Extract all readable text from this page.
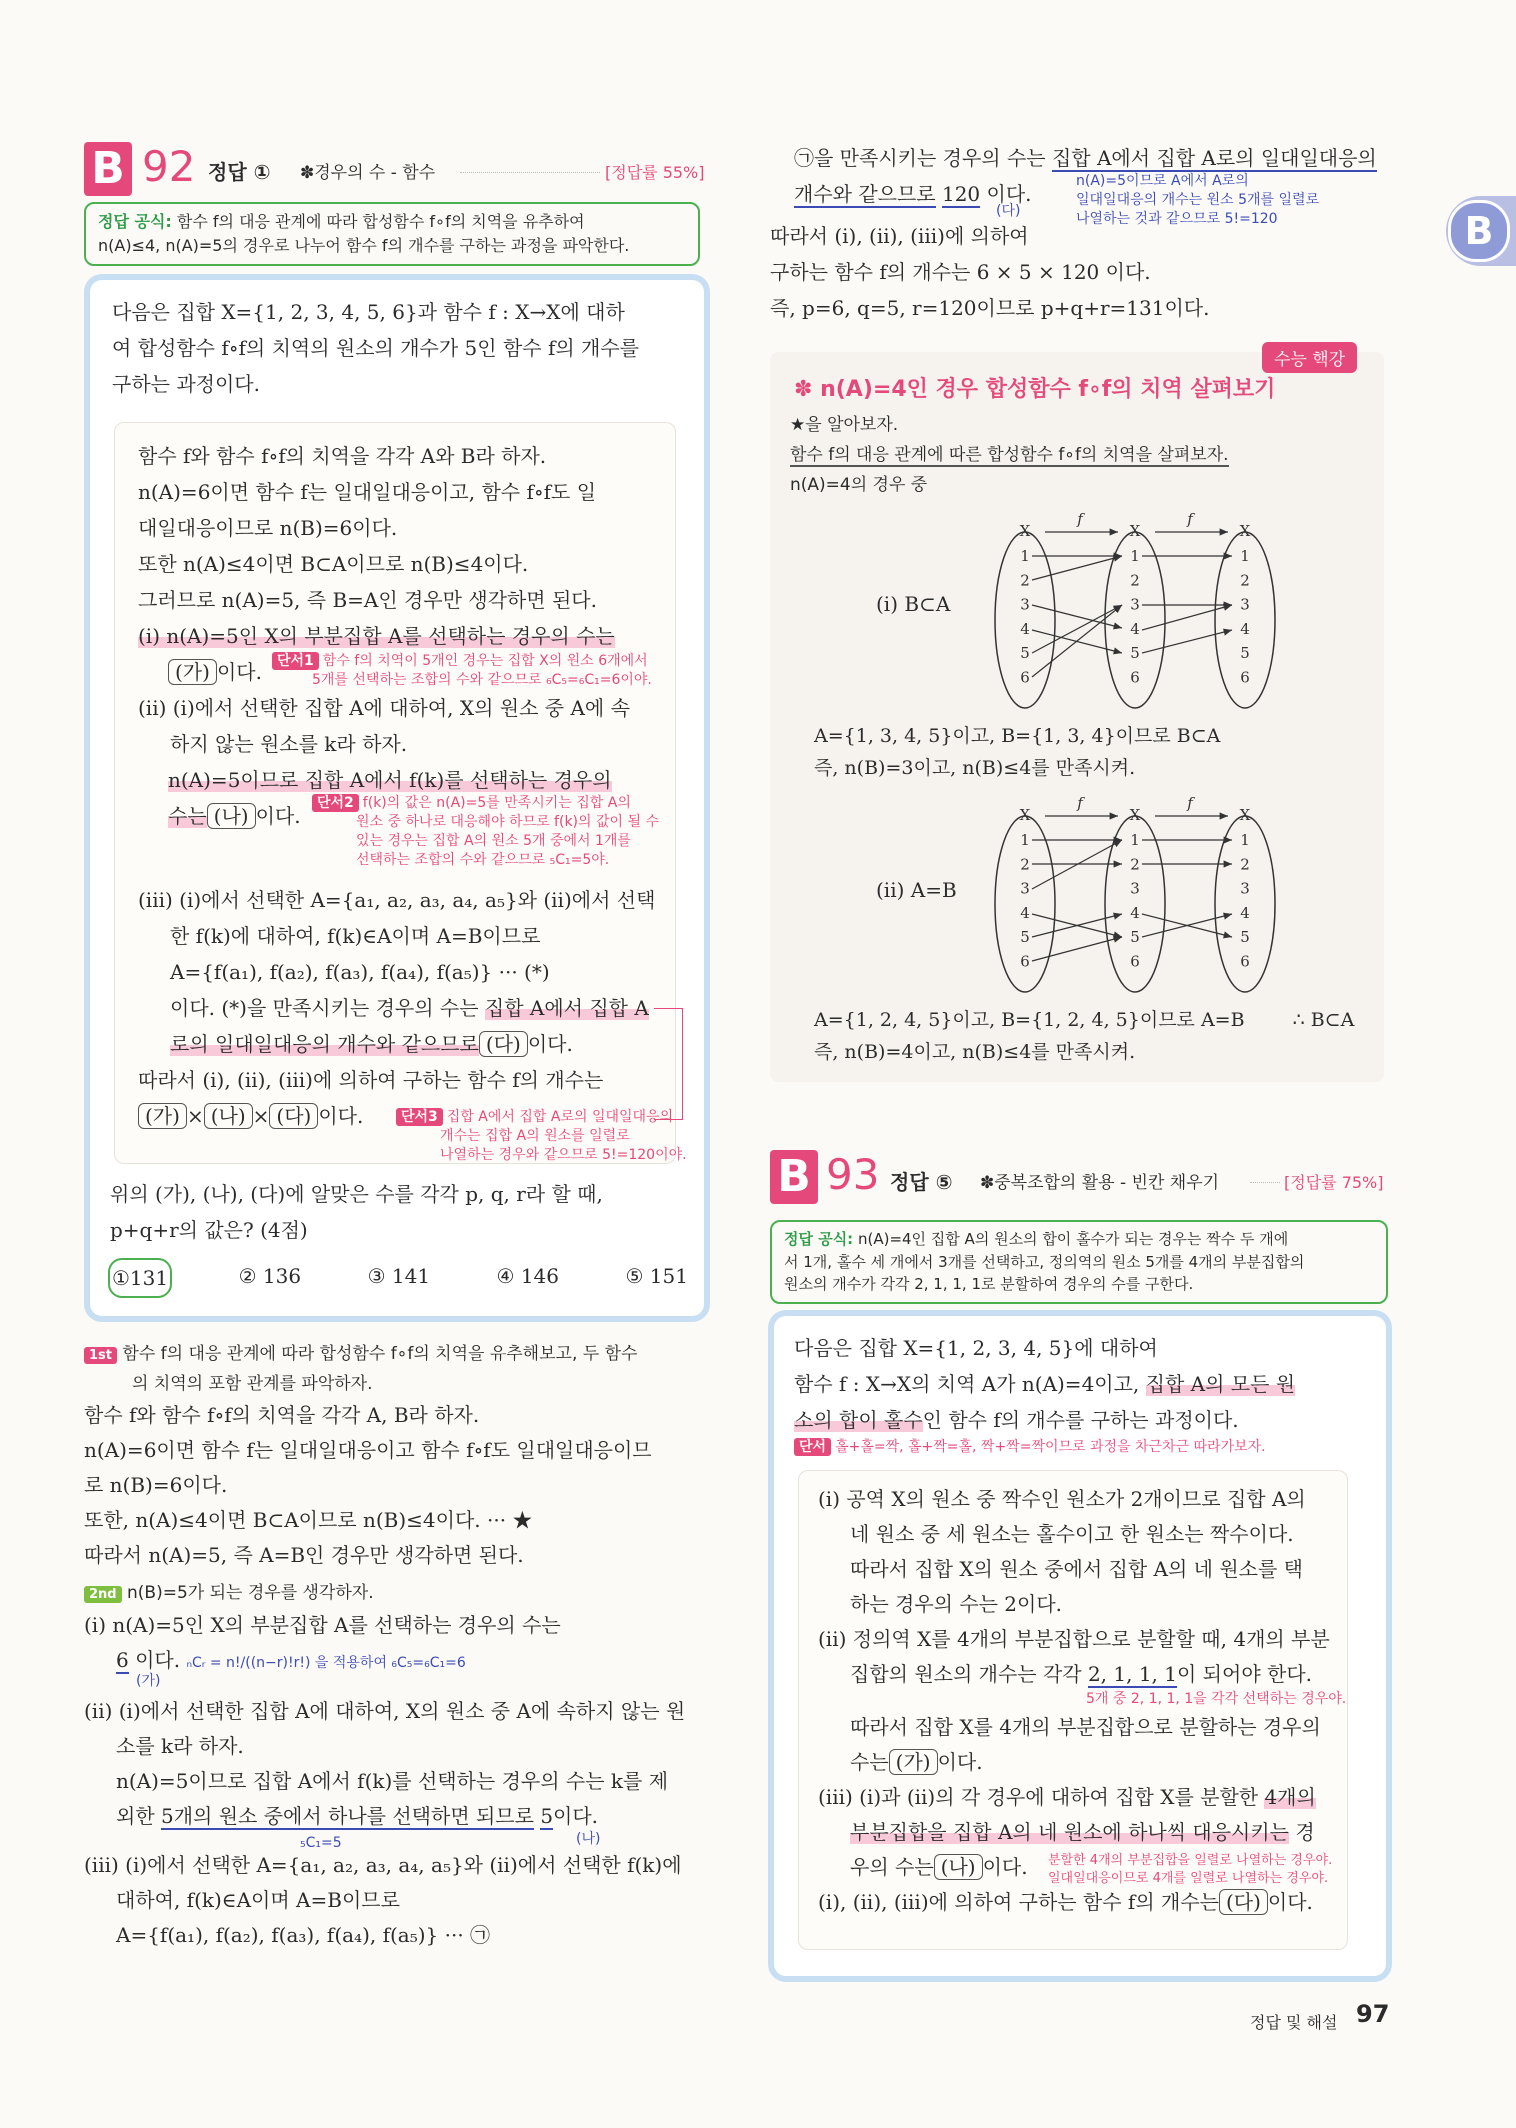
B
B 92 정답 ① ✽경우의 수 - 함수	[정답률 55%]
정답 공식: 함수 f의 대응 관계에 따라 합성함수 f∘f의 치역을 유추하여
n(A)≤4, n(A)=5의 경우로 나누어 함수 f의 개수를 구하는 과정을 파악한다.
다음은 집합 X={1, 2, 3, 4, 5, 6}과 함수 f : X→X에 대하
여 합성함수 f∘f의 치역의 원소의 개수가 5인 함수 f의 개수를
구하는 과정이다.
함수 f와 함수 f∘f의 치역을 각각 A와 B라 하자.
n(A)=6이면 함수 f는 일대일대응이고, 함수 f∘f도 일
대일대응이므로 n(B)=6이다.
또한 n(A)≤4이면 B⊂A이므로 n(B)≤4이다.
그러므로 n(A)=5, 즉 B=A인 경우만 생각하면 된다.
(i) n(A)=5인 X의 부분집합 A를 선택하는 경우의 수는
(가) 이다.	단서1 함수 f의 치역이 5개인 경우는 집합 X의 원소 6개에서
5개를 선택하는 조합의 수와 같으므로 ₆C₅=₆C₁=6이야.
(ii) (i)에서 선택한 집합 A에 대하여, X의 원소 중 A에 속
하지 않는 원소를 k라 하자.
n(A)=5이므로 집합 A에서 f(k)를 선택하는 경우의
수는 (나) 이다.
단서2 f(k)의 값은 n(A)=5를 만족시키는 집합 A의
원소 중 하나로 대응해야 하므로 f(k)의 값이 될 수
있는 경우는 집합 A의 원소 5개 중에서 1개를
선택하는 조합의 수와 같으므로 ₅C₁=5야.
(iii) (i)에서 선택한 A={a₁, a₂, a₃, a₄, a₅}와 (ii)에서 선택
한 f(k)에 대하여, f(k)∈A이며 A=B이므로
A={f(a₁), f(a₂), f(a₃), f(a₄), f(a₅)} ··· (*)
이다. (*)을 만족시키는 경우의 수는 집합 A에서 집합 A
로의 일대일대응의 개수와 같으므로 (다) 이다.
따라서 (i), (ii), (iii)에 의하여 구하는 함수 f의 개수는
(가) × (나) × (다) 이다.	단서3 집합 A에서 집합 A로의 일대일대응의
개수는 집합 A의 원소를 일렬로
나열하는 경우와 같으므로 5!=120이야.
위의 (가), (나), (다)에 알맞은 수를 각각 p, q, r라 할 때,
p+q+r의 값은? (4점)
①131	② 136	③ 141	④ 146	⑤ 151
1st 함수 f의 대응 관계에 따라 합성함수 f∘f의 치역을 유추해보고, 두 함수
의 치역의 포함 관계를 파악하자.
함수 f와 함수 f∘f의 치역을 각각 A, B라 하자.
n(A)=6이면 함수 f는 일대일대응이고 함수 f∘f도 일대일대응이므
로 n(B)=6이다.
또한, n(A)≤4이면 B⊂A이므로 n(B)≤4이다. ··· ★
따라서 n(A)=5, 즉 A=B인 경우만 생각하면 된다.
2nd n(B)=5가 되는 경우를 생각하자.
(i) n(A)=5인 X의 부분집합 A를 선택하는 경우의 수는
6 이다. ₙCᵣ = n!/((n−r)!r!) 을 적용하여 ₆C₅=₆C₁=6
(가)
(ii) (i)에서 선택한 집합 A에 대하여, X의 원소 중 A에 속하지 않는 원
소를 k라 하자.
n(A)=5이므로 집합 A에서 f(k)를 선택하는 경우의 수는 k를 제
외한 5개의 원소 중에서 하나를 선택하면 되므로 5이다.
₅C₁=5	(나)
(iii) (i)에서 선택한 A={a₁, a₂, a₃, a₄, a₅}와 (ii)에서 선택한 f(k)에
대하여, f(k)∈A이며 A=B이므로
A={f(a₁), f(a₂), f(a₃), f(a₄), f(a₅)} ··· ㉠
㉠을 만족시키는 경우의 수는 집합 A에서 집합 A로의 일대일대응의
개수와 같으므로 120 이다.
(다)
n(A)=5이므로 A에서 A로의
일대일대응의 개수는 원소 5개를 일렬로
나열하는 것과 같으므로 5!=120
따라서 (i), (ii), (iii)에 의하여
구하는 함수 f의 개수는 6 × 5 × 120 이다.
즉, p=6, q=5, r=120이므로 p+q+r=131이다.
수능 핵강
✽ n(A)=4인 경우 합성함수 f∘f의 치역 살펴보기
★을 알아보자.
함수 f의 대응 관계에 따른 합성함수 f∘f의 치역을 살펴보자.
n(A)=4의 경우 중
(i) B⊂A
X
1
2
3
4
5
6
X
1
2
3
4
5
6
X
1
2
3
4
5
6
f	f
A={1, 3, 4, 5}이고, B={1, 3, 4}이므로 B⊂A
즉, n(B)=3이고, n(B)≤4를 만족시켜.
(ii) A=B
X
1
2
3
4
5
6
X
1
2
3
4
5
6
X
1
2
3
4
5
6
f	f
A={1, 2, 4, 5}이고, B={1, 2, 4, 5}이므로 A=B	∴ B⊂A
즉, n(B)=4이고, n(B)≤4를 만족시켜.
B 93 정답 ⑤ ✽중복조합의 활용 - 빈칸 채우기	[정답률 75%]
정답 공식: n(A)=4인 집합 A의 원소의 합이 홀수가 되는 경우는 짝수 두 개에
서 1개, 홀수 세 개에서 3개를 선택하고, 정의역의 원소 5개를 4개의 부분집합의
원소의 개수가 각각 2, 1, 1, 1로 분할하여 경우의 수를 구한다.
다음은 집합 X={1, 2, 3, 4, 5}에 대하여
함수 f : X→X의 치역 A가 n(A)=4이고, 집합 A의 모든 원
소의 합이 홀수인 함수 f의 개수를 구하는 과정이다.
단서 홀+홀=짝, 홀+짝=홀, 짝+짝=짝이므로 과정을 차근차근 따라가보자.
(i) 공역 X의 원소 중 짝수인 원소가 2개이므로 집합 A의
네 원소 중 세 원소는 홀수이고 한 원소는 짝수이다.
따라서 집합 X의 원소 중에서 집합 A의 네 원소를 택
하는 경우의 수는 2이다.
(ii) 정의역 X를 4개의 부분집합으로 분할할 때, 4개의 부분
집합의 원소의 개수는 각각 2, 1, 1, 1이 되어야 한다.
5개 중 2, 1, 1, 1을 각각 선택하는 경우야.
따라서 집합 X를 4개의 부분집합으로 분할하는 경우의
수는 (가) 이다.
(iii) (i)과 (ii)의 각 경우에 대하여 집합 X를 분할한 4개의
부분집합을 집합 A의 네 원소에 하나씩 대응시키는 경
우의 수는 (나) 이다.
(i), (ii), (iii)에 의하여 구하는 함수 f의 개수는 (다) 이다.
분할한 4개의 부분집합을 일렬로 나열하는 경우야.
일대일대응이므로 4개를 일렬로 나열하는 경우야.
정답 및 해설 97
